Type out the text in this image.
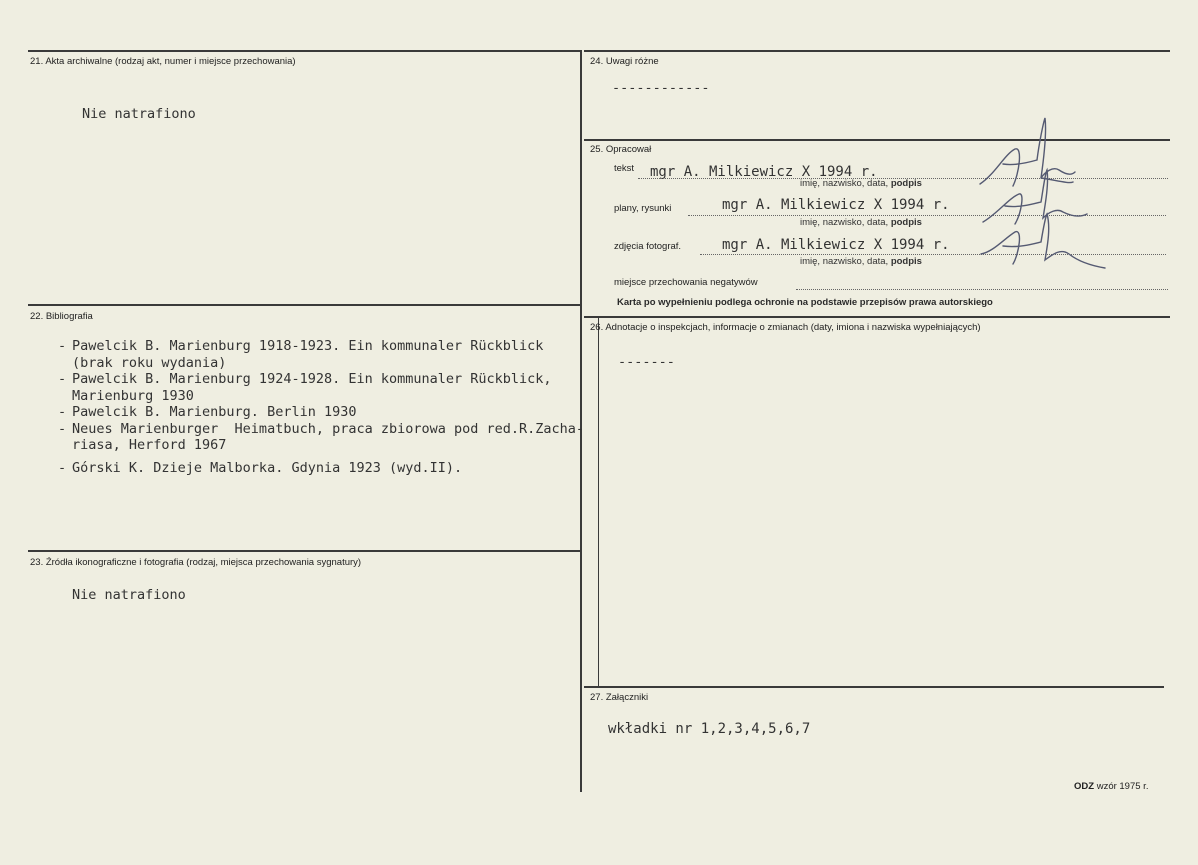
21. Akta archiwalne (rodzaj akt, numer i miejsce przechowania)
Nie natrafiono
22. Bibliografia
- Pawelcik B. Marienburg 1918-1923. Ein kommunaler Rückblick
(brak roku wydania)
- Pawelcik B. Marienburg 1924-1928. Ein kommunaler Rückblick,
Marienburg 1930
- Pawelcik B. Marienburg. Berlin 1930
- Neues Marienburger  Heimatbuch, praca zbiorowa pod red.R.Zacha-
riasa, Herford 1967
- Górski K. Dzieje Malborka. Gdynia 1923 (wyd.II).
23. Źródła ikonograficzne i fotografia (rodzaj, miejsca przechowania sygnatury)
Nie natrafiono
24. Uwagi różne
------------
25. Opracował
tekst mgr A. Milkiewicz X 1994 r.
imię, nazwisko, data, podpis
plany, rysunki	mgr A. Milkiewicz X 1994 r.
imię, nazwisko, data, podpis
zdjęcia fotograf.	mgr A. Milkiewicz X 1994 r.
imię, nazwisko, data, podpis
miejsce przechowania negatywów
Karta po wypełnieniu podlega ochronie na podstawie przepisów prawa autorskiego
26. Adnotacje o inspekcjach, informacje o zmianach (daty, imiona i nazwiska wypełniających)
-------
27. Załączniki
wkładki nr 1,2,3,4,5,6,7
ODZ wzór 1975 r.
